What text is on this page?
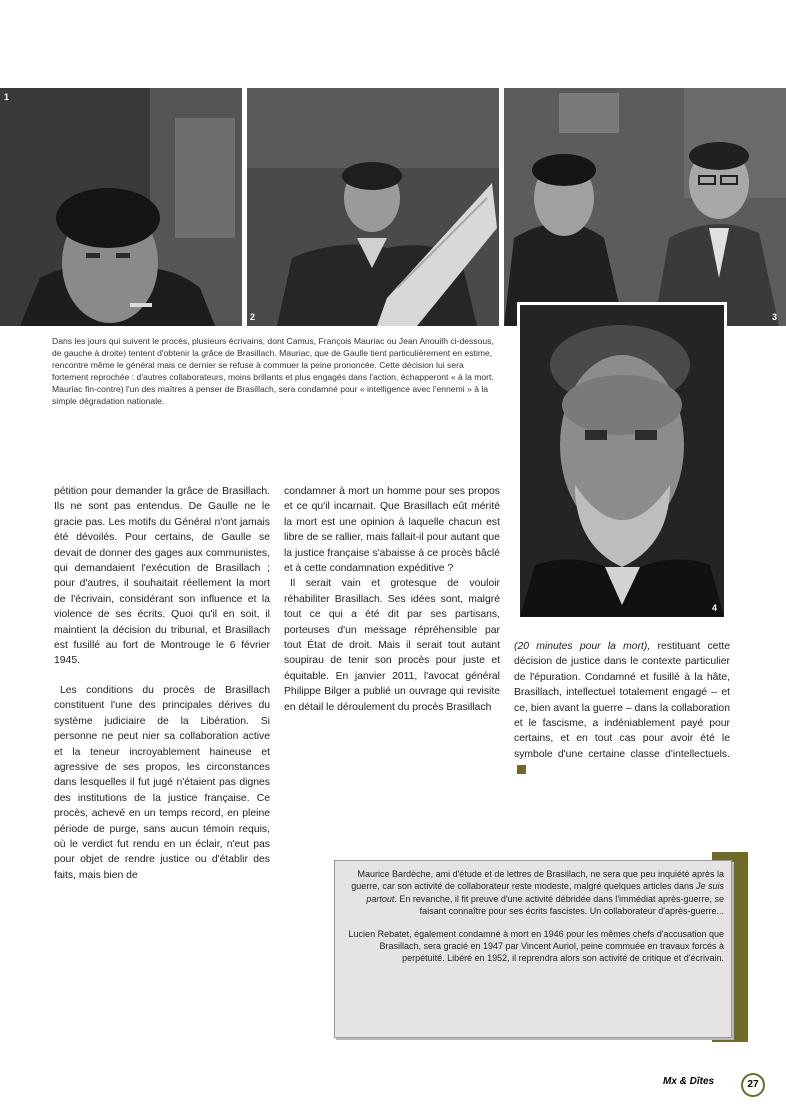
1
2	3
4
Dans les jours qui suivent le procès, plusieurs écrivains, dont Camus, François Mauriac ou Jean Anouilh ci-dessous, de gauche à droite) tentent d'obtenir la grâce de Brasillach. Mauriac, que de Gaulle tient particulièrement en estime, rencontre même le général mais ce dernier se refuse à commuer la peine prononcée. Cette décision lui sera fortement reprochée : d'autres collaborateurs, moins brillants et plus engagés dans l'action, échapperont « à la mort. Mauriac fin-contre) l'un des maîtres à penser de Brasillach, sera condamné pour « intelligence avec l'ennemi » à la simple dégradation nationale.

pétition pour demander la grâce de Brasillach. Ils ne sont pas entendus. De Gaulle ne le gracie pas. Les motifs du Général n'ont jamais été dévoilés. Pour certains, de Gaulle se devait de donner des gages aux communistes, qui demandaient l'exécution de Brasillach ; pour d'autres, il souhaitait réellement la mort de l'écrivain, considérant son influence et la violence de ses écrits. Quoi qu'il en soit, il maintient la décision du tribunal, et Brasillach est fusillé au fort de Montrouge le 6 février 1945.

Les conditions du procès de Brasillach constituent l'une des principales dérives du système judiciaire de la Libération. Si personne ne peut nier sa collaboration active et la teneur incroyablement haineuse et agressive de ses propos, les circonstances dans lesquelles il fut jugé n'étaient pas dignes des institutions de la justice française. Ce procès, achevé en un temps record, en pleine période de purge, sans aucun témoin requis, où le verdict fut rendu en un éclair, n'eut pas pour objet de rendre justice ou d'établir des faits, mais bien de

condamner à mort un homme pour ses propos et ce qu'il incarnait. Que Brasillach eût mérité la mort est une opinion à laquelle chacun est libre de se rallier, mais fallait-il pour autant que la justice française s'abaisse à ce procès bâclé et à cette condamnation expéditive ?

Il serait vain et grotesque de vouloir réhabiliter Brasillach. Ses idées sont, malgré tout ce qui a été dit par ses partisans, porteuses d'un message répréhensible par tout État de droit. Mais il serait tout autant soupirau de tenir son procès pour juste et équitable. En janvier 2011, l'avocat général Philippe Bilger a publié un ouvrage qui revisite en détail le déroulement du procès Brasillach

(20 minutes pour la mort), restituant cette décision de justice dans le contexte particulier de l'épuration. Condamné et fusillé à la hâte, Brasillach, intellectuel totalement engagé – et ce, bien avant la guerre – dans la collaboration et le fascisme, a indéniablement payé pour certains, et en tout cas pour avoir été le symbole d'une certaine classe d'intellectuels.

Maurice Bardèche, ami d'étude et de lettres de Brasillach, ne sera que peu inquiété après la guerre, car son activité de collaborateur reste modeste, malgré quelques articles dans Je suis partout. En revanche, il fit preuve d'une activité débridée dans l'immédiat après-guerre, se faisant connaître pour ses écrits fascistes. Un collaborateur d'après-guerre...

Lucien Rebatet, également condamné à mort en 1946 pour les mêmes chefs d'accusation que Brasillach, sera gracié en 1947 par Vincent Auriol, peine commuée en travaux forcés à perpétuité. Libéré en 1952, il reprendra alors son activité de critique et d'écrivain.

Mx & Dîtes	27
